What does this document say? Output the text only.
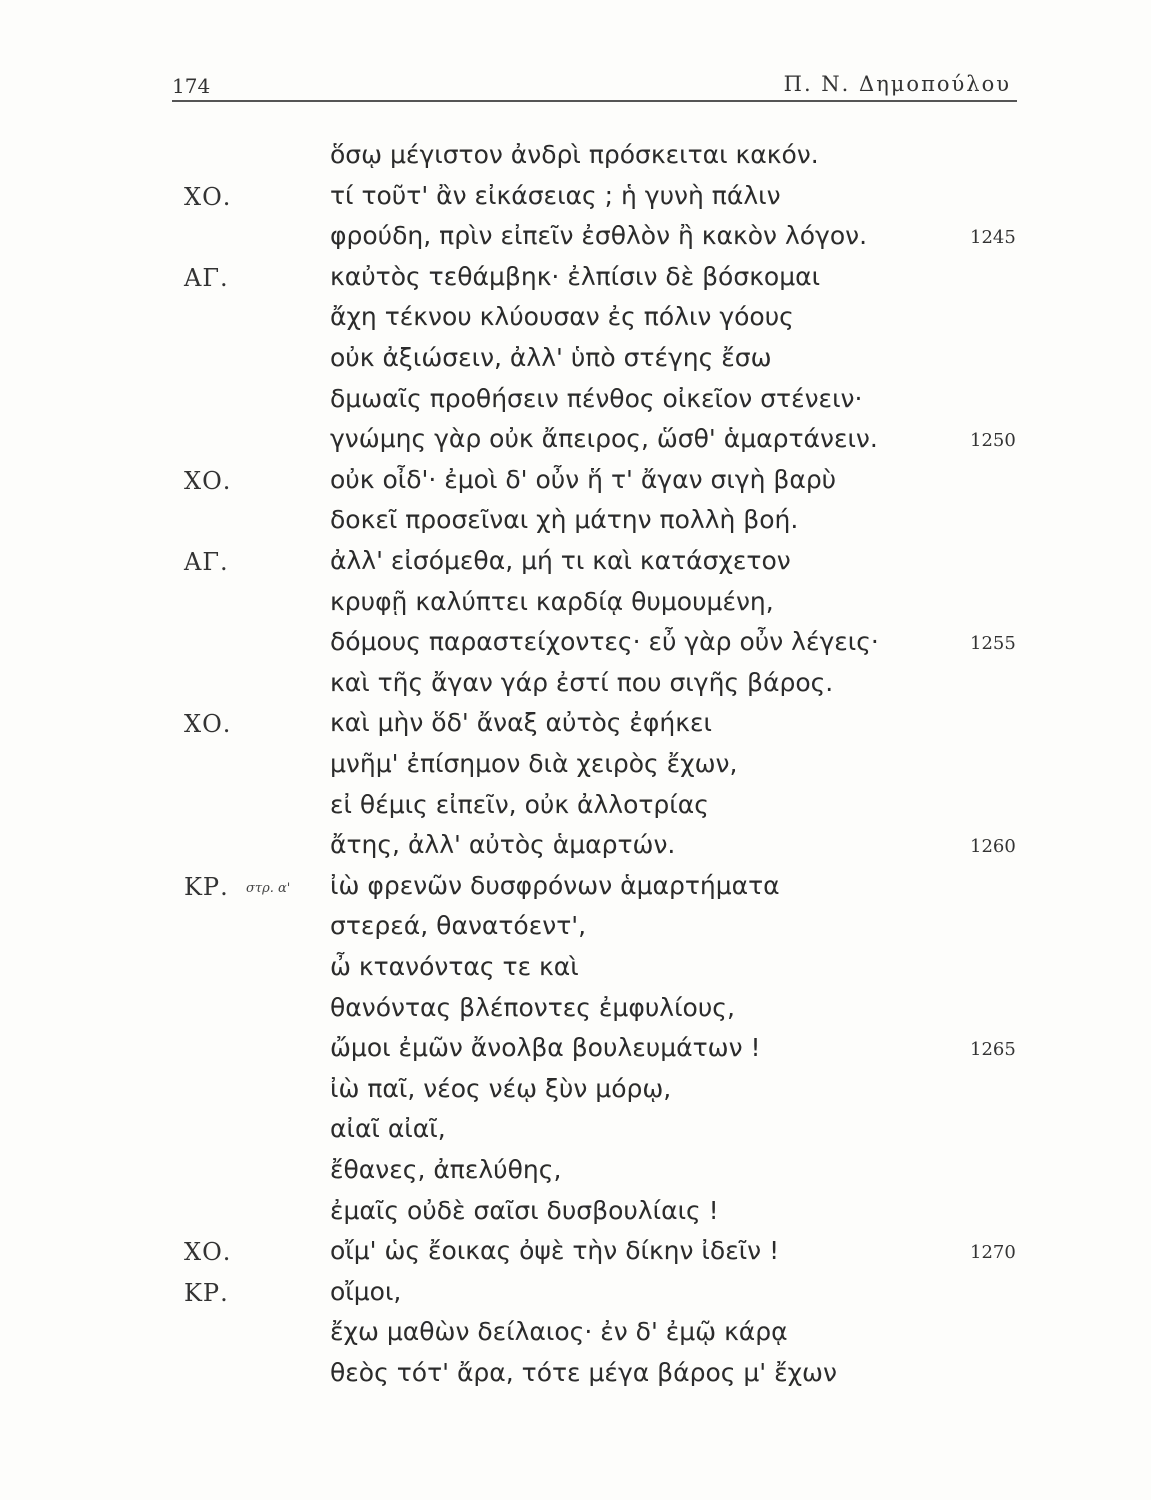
174	Π. Ν. Δημοπούλου
ὅσῳ μέγιστον ἀνδρὶ πρόσκειται κακόν.
ΧΟ.	τί τοῦτ' ἂν εἰκάσειας ; ἡ γυνὴ πάλιν
φρούδη, πρὶν εἰπεῖν ἐσθλὸν ἢ κακὸν λόγον.	1245
ΑΓ.	καὐτὸς τεθάμβηκ· ἐλπίσιν δὲ βόσκομαι
ἄχη τέκνου κλύουσαν ἐς πόλιν γόους
οὐκ ἀξιώσειν, ἀλλ' ὑπὸ στέγης ἔσω
δμωαῖς προθήσειν πένθος οἰκεῖον στένειν·
γνώμης γὰρ οὐκ ἄπειρος, ὥσθ' ἁμαρτάνειν.	1250
ΧΟ.	οὐκ οἶδ'· ἐμοὶ δ' οὖν ἥ τ' ἄγαν σιγὴ βαρὺ
δοκεῖ προσεῖναι χὴ μάτην πολλὴ βοή.
ΑΓ.	ἀλλ' εἰσόμεθα, μή τι καὶ κατάσχετον
κρυφῇ καλύπτει καρδίᾳ θυμουμένη,
δόμους παραστείχοντες· εὖ γὰρ οὖν λέγεις·	1255
καὶ τῆς ἄγαν γάρ ἐστί που σιγῆς βάρος.
ΧΟ.	καὶ μὴν ὅδ' ἄναξ αὐτὸς ἐφήκει
μνῆμ' ἐπίσημον διὰ χειρὸς ἔχων,
εἰ θέμις εἰπεῖν, οὐκ ἀλλοτρίας
ἄτης, ἀλλ' αὐτὸς ἁμαρτών.	1260
ΚΡ. στρ. α' ἰὼ φρενῶν δυσφρόνων ἁμαρτήματα
στερεά, θανατόεντ',
ὦ κτανόντας τε καὶ
θανόντας βλέποντες ἐμφυλίους,
ὤμοι ἐμῶν ἄνολβα βουλευμάτων !	1265
ἰὼ παῖ, νέος νέῳ ξὺν μόρῳ,
αἰαῖ αἰαῖ,
ἔθανες, ἀπελύθης,
ἐμαῖς οὐδὲ σαῖσι δυσβουλίαις !
ΧΟ.	οἴμ' ὡς ἔοικας ὀψὲ τὴν δίκην ἰδεῖν !	1270
ΚΡ.	οἴμοι,
ἔχω μαθὼν δείλαιος· ἐν δ' ἐμῷ κάρᾳ
θεὸς τότ' ἄρα, τότε μέγα βάρος μ' ἔχων
